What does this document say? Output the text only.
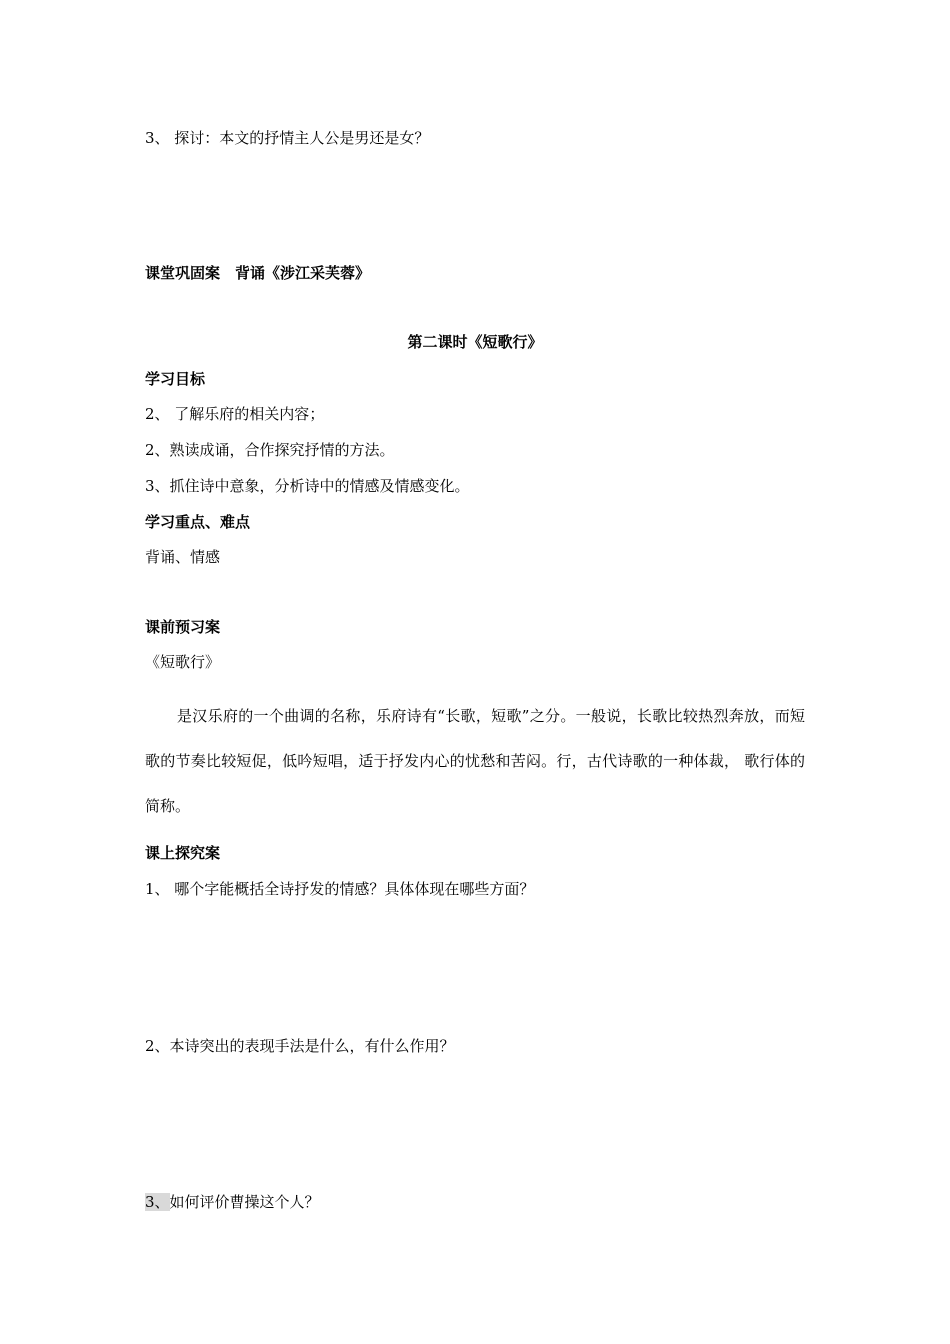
3、 探讨：本文的抒情主人公是男还是女？
课堂巩固案　背诵《涉江采芙蓉》
第二课时《短歌行》
学习目标
2、 了解乐府的相关内容；
2、熟读成诵，合作探究抒情的方法。
3、抓住诗中意象，分析诗中的情感及情感变化。
学习重点、难点
背诵、情感
课前预习案
《短歌行》

是汉乐府的一个曲调的名称，乐府诗有“长歌，短歌”之分。一般说，长歌比较热烈奔放，而短歌的节奏比较短促，低吟短唱，适于抒发内心的忧愁和苦闷。行，古代诗歌的一种体裁， 歌行体的简称。

课上探究案
1、 哪个字能概括全诗抒发的情感？具体体现在哪些方面？
2、本诗突出的表现手法是什么，有什么作用？
3、如何评价曹操这个人？
